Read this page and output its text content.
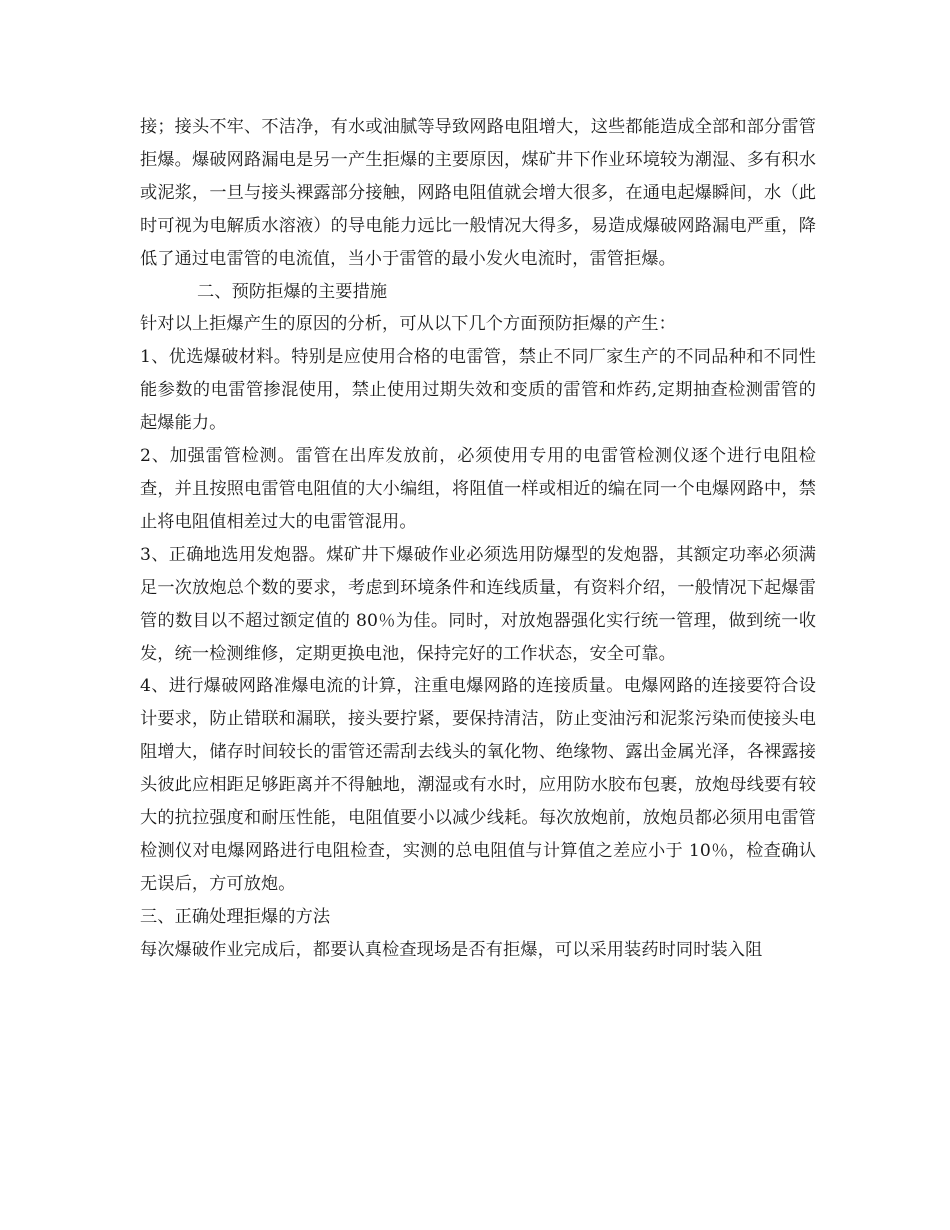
接；接头不牢、不洁净，有水或油腻等导致网路电阻增大，这些都能造成全部和部分雷管拒爆。爆破网路漏电是另一产生拒爆的主要原因，煤矿井下作业环境较为潮湿、多有积水或泥浆，一旦与接头裸露部分接触，网路电阻值就会增大很多，在通电起爆瞬间，水（此时可视为电解质水溶液）的导电能力远比一般情况大得多，易造成爆破网路漏电严重，降低了通过电雷管的电流值，当小于雷管的最小发火电流时，雷管拒爆。

二、预防拒爆的主要措施

针对以上拒爆产生的原因的分析，可从以下几个方面预防拒爆的产生：

1、优选爆破材料。特别是应使用合格的电雷管，禁止不同厂家生产的不同品种和不同性能参数的电雷管掺混使用，禁止使用过期失效和变质的雷管和炸药,定期抽查检测雷管的起爆能力。

2、加强雷管检测。雷管在出库发放前，必须使用专用的电雷管检测仪逐个进行电阻检查，并且按照电雷管电阻值的大小编组，将阻值一样或相近的编在同一个电爆网路中，禁止将电阻值相差过大的电雷管混用。

3、正确地选用发炮器。煤矿井下爆破作业必须选用防爆型的发炮器，其额定功率必须满足一次放炮总个数的要求，考虑到环境条件和连线质量，有资料介绍，一般情况下起爆雷管的数目以不超过额定值的 80％为佳。同时，对放炮器强化实行统一管理，做到统一收发，统一检测维修，定期更换电池，保持完好的工作状态，安全可靠。

4、进行爆破网路准爆电流的计算，注重电爆网路的连接质量。电爆网路的连接要符合设计要求，防止错联和漏联，接头要拧紧，要保持清洁，防止变油污和泥浆污染而使接头电阻增大，储存时间较长的雷管还需刮去线头的氧化物、绝缘物、露出金属光泽，各裸露接头彼此应相距足够距离并不得触地，潮湿或有水时，应用防水胶布包裹，放炮母线要有较大的抗拉强度和耐压性能，电阻值要小以减少线耗。每次放炮前，放炮员都必须用电雷管检测仪对电爆网路进行电阻检查，实测的总电阻值与计算值之差应小于 10％，检查确认无误后，方可放炮。

三、正确处理拒爆的方法

每次爆破作业完成后，都要认真检查现场是否有拒爆，可以采用装药时同时装入阻
